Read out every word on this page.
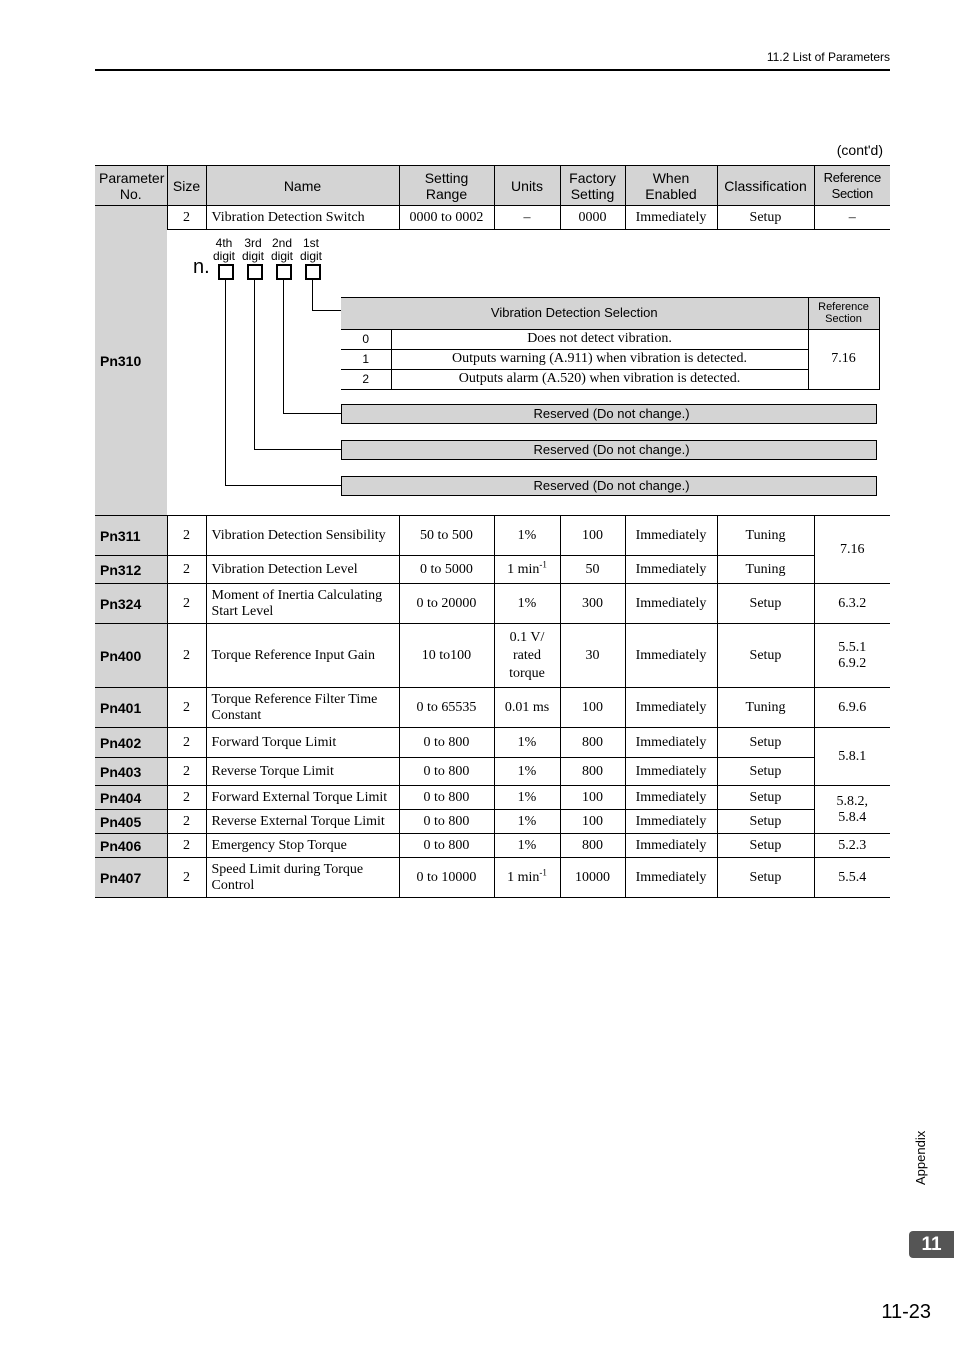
11.2 List of Parameters
(cont'd)
Parameter No.	Size	Name	Setting Range	Units	Factory Setting	When Enabled	Classification	Reference Section
Pn310	2	Vibration Detection Switch	0000 to 0002	–	0000	Immediately	Setup	–

4th digit
3rd digit
2nd digit
1st digit
n.
Vibration Detection Selection	Reference Section
0	Does not detect vibration.	7.16
1	Outputs warning (A.911) when vibration is detected.
2	Outputs alarm (A.520) when vibration is detected.
Reserved (Do not change.)
Reserved (Do not change.)
Reserved (Do not change.)

Pn311	2	Vibration Detection Sensibility	50 to 500	1%	100	Immediately	Tuning	7.16
Pn312	2	Vibration Detection Level	0 to 5000	1 $\min^{-1}$	50	Immediately	Tuning
Pn324	2	Moment of Inertia Calculating Start Level	0 to 20000	1%	300	Immediately	Setup	6.3.2
Pn400	2	Torque Reference Input Gain	10 to100	0.1 V/ rated torque	30	Immediately	Setup	5.5.1 6.9.2
Pn401	2	Torque Reference Filter Time Constant	0 to 65535	0.01 ms	100	Immediately	Tuning	6.9.6
Pn402	2	Forward Torque Limit	0 to 800	1%	800	Immediately	Setup	5.8.1
Pn403	2	Reverse Torque Limit	0 to 800	1%	800	Immediately	Setup
Pn404	2	Forward External Torque Limit	0 to 800	1%	100	Immediately	Setup	5.8.2, 5.8.4
Pn405	2	Reverse External Torque Limit	0 to 800	1%	100	Immediately	Setup
Pn406	2	Emergency Stop Torque	0 to 800	1%	800	Immediately	Setup	5.2.3
Pn407	2	Speed Limit during Torque Control	0 to 10000	1 $\min^{-1}$	10000	Immediately	Setup	5.5.4
Appendix
11
11-23
